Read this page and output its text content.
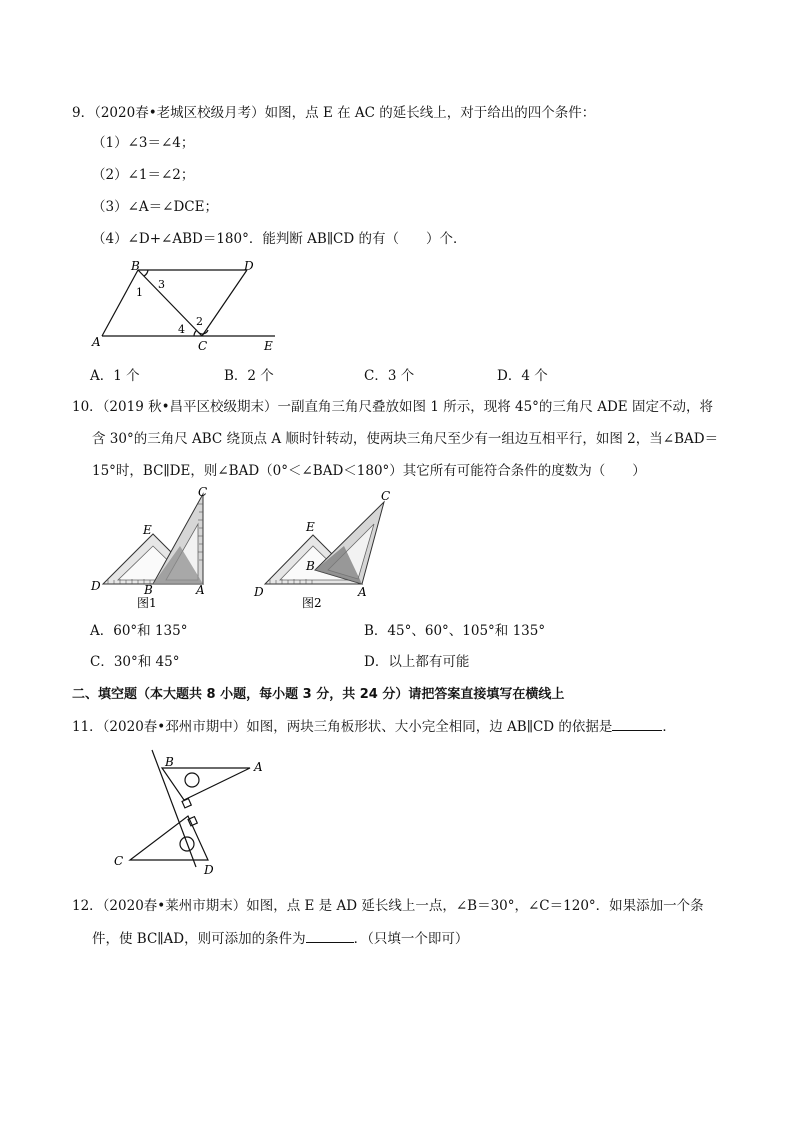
9．（2020春•老城区校级月考）如图，点 E 在 AC 的延长线上，对于给出的四个条件：
（1）∠3＝∠4；
（2）∠1＝∠2；
（3）∠A＝∠DCE；
（4）∠D+∠ABD＝180°．能判断 AB∥CD 的有（　　）个．
B	D
1
3
4
2
A	C	E
A．1 个	B．2 个	C．3 个	D．4 个
10．（2019 秋•昌平区校级期末）一副直角三角尺叠放如图 1 所示，现将 45°的三角尺 ADE 固定不动，将
含 30°的三角尺 ABC 绕顶点 A 顺时针转动，使两块三角尺至少有一组边互相平行，如图 2，当∠BAD＝
15°时，BC∥DE，则∠BAD（0°＜∠BAD＜180°）其它所有可能符合条件的度数为（　　）
C
E
D	B	A
图1
E
C
B
D	A
图2
A．60°和 135°	B．45°、60°、105°和 135°
C．30°和 45°	D．以上都有可能
二、填空题（本大题共 8 小题，每小题 3 分，共 24 分）请把答案直接填写在横线上
11．（2020春•邳州市期中）如图，两块三角板形状、大小完全相同，边 AB∥CD 的依据是	．
B	A
C
D
12．（2020春•莱州市期末）如图，点 E 是 AD 延长线上一点，∠B＝30°，∠C＝120°．如果添加一个条
件，使 BC∥AD，则可添加的条件为	．（只填一个即可）
